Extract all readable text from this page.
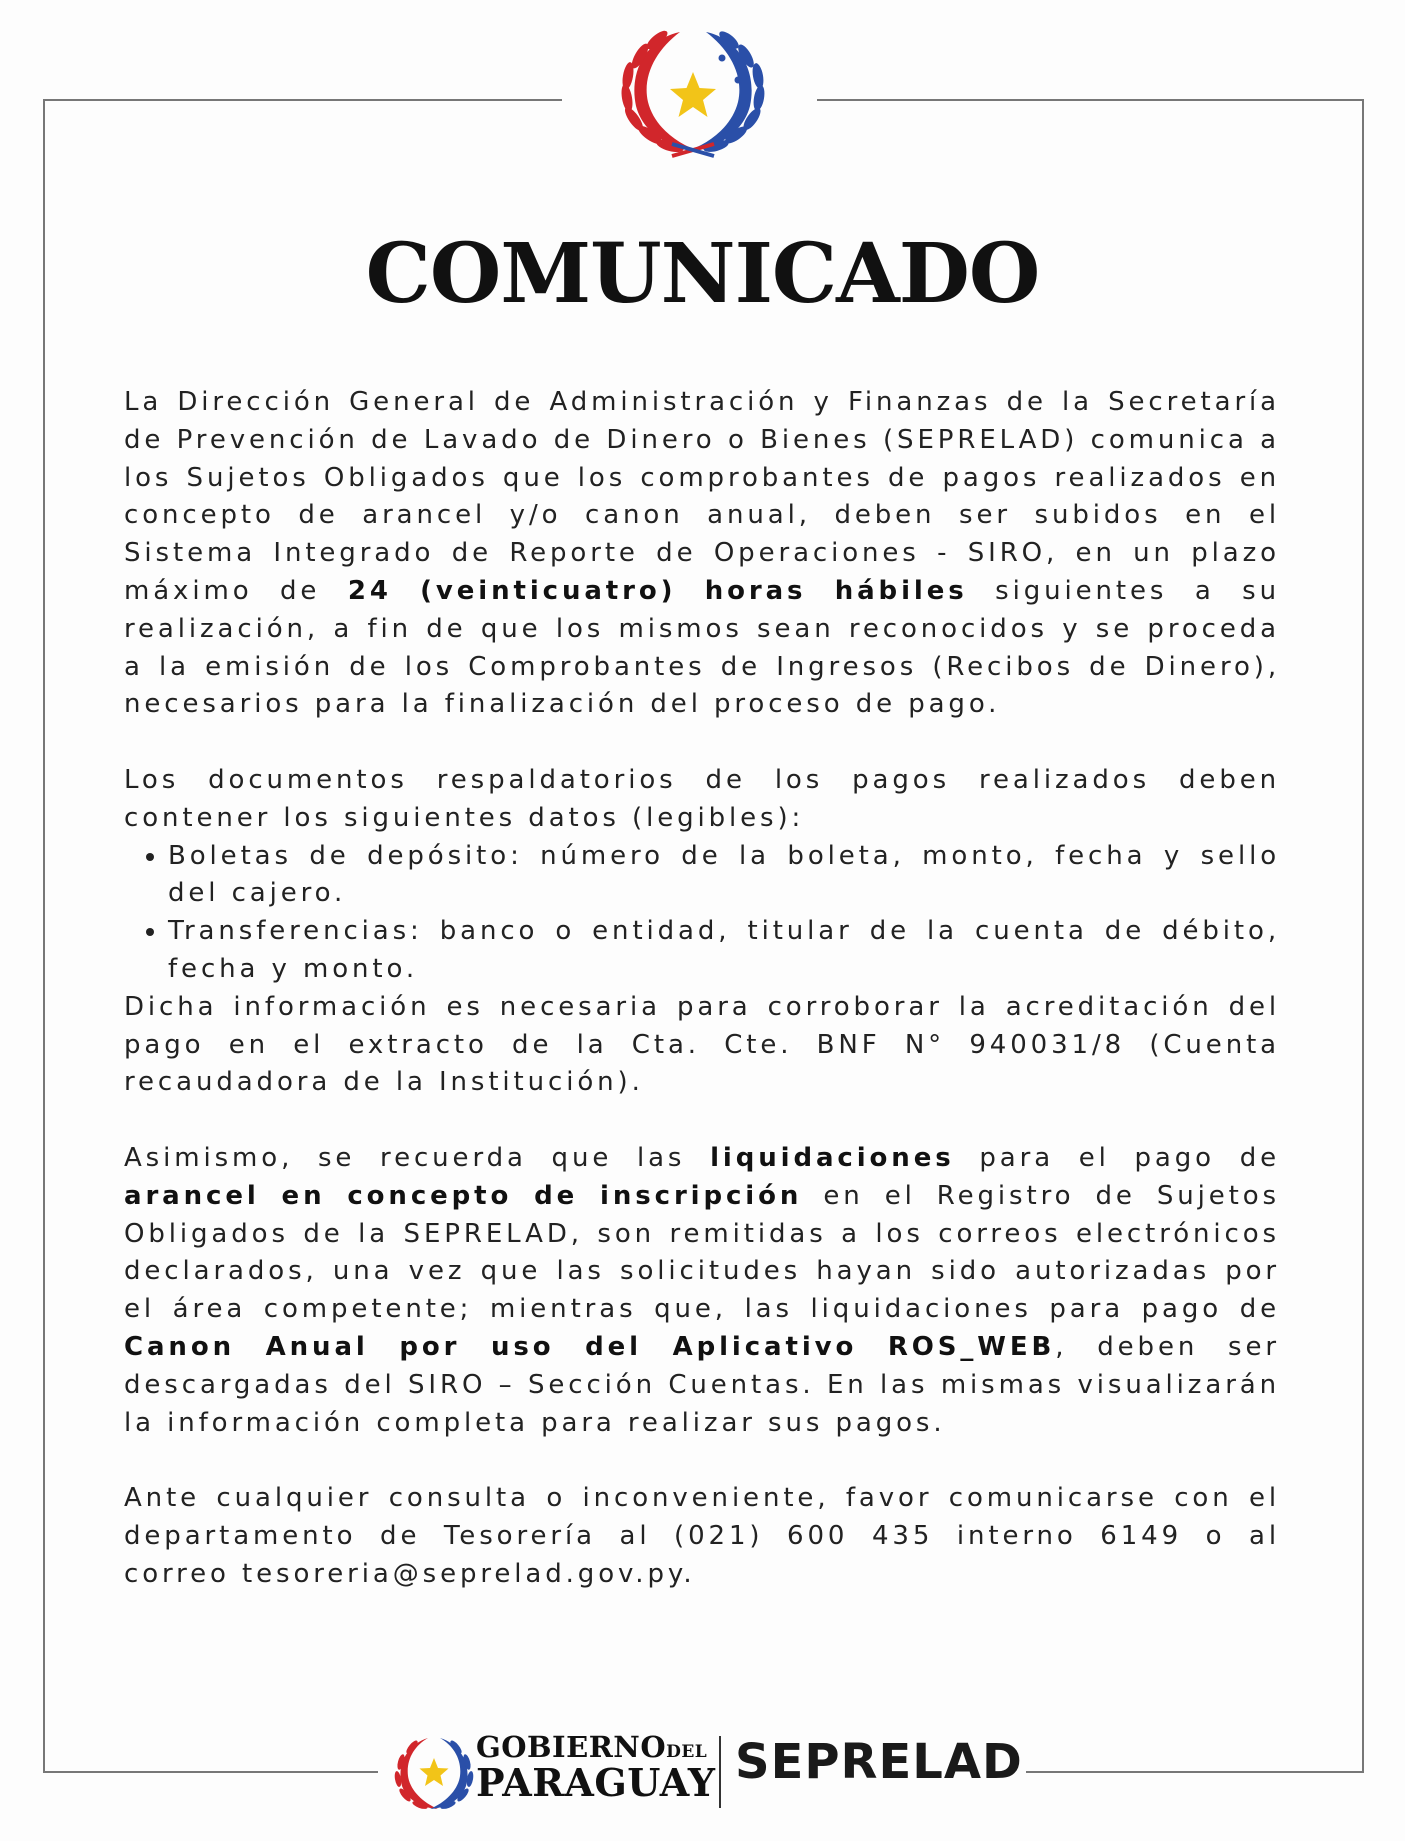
COMUNICADO

La Dirección General de Administración y Finanzas de la Secretaría de Prevención de Lavado de Dinero o Bienes (SEPRELAD) comunica a los Sujetos Obligados que los comprobantes de pagos realizados en concepto de arancel y/o canon anual, deben ser subidos en el Sistema Integrado de Reporte de Operaciones - SIRO, en un plazo máximo de 24 (veinticuatro) horas hábiles siguientes a su realización, a fin de que los mismos sean reconocidos y se proceda a la emisión de los Comprobantes de Ingresos (Recibos de Dinero), necesarios para la finalización del proceso de pago.

Los documentos respaldatorios de los pagos realizados deben contener los siguientes datos (legibles):

• Boletas de depósito: número de la boleta, monto, fecha y sello del cajero.
• Transferencias: banco o entidad, titular de la cuenta de débito, fecha y monto.

Dicha información es necesaria para corroborar la acreditación del pago en el extracto de la Cta. Cte. BNF N° 940031/8 (Cuenta recaudadora de la Institución).

Asimismo, se recuerda que las liquidaciones para el pago de arancel en concepto de inscripción en el Registro de Sujetos Obligados de la SEPRELAD, son remitidas a los correos electrónicos declarados, una vez que las solicitudes hayan sido autorizadas por el área competente; mientras que, las liquidaciones para pago de Canon Anual por uso del Aplicativo ROS_WEB, deben ser descargadas del SIRO – Sección Cuentas. En las mismas visualizarán la información completa para realizar sus pagos.

Ante cualquier consulta o inconveniente, favor comunicarse con el departamento de Tesorería al (021) 600 435 interno 6149 o al correo tesoreria@seprelad.gov.py.

GOBIERNODEL
PARAGUAY SEPRELAD
